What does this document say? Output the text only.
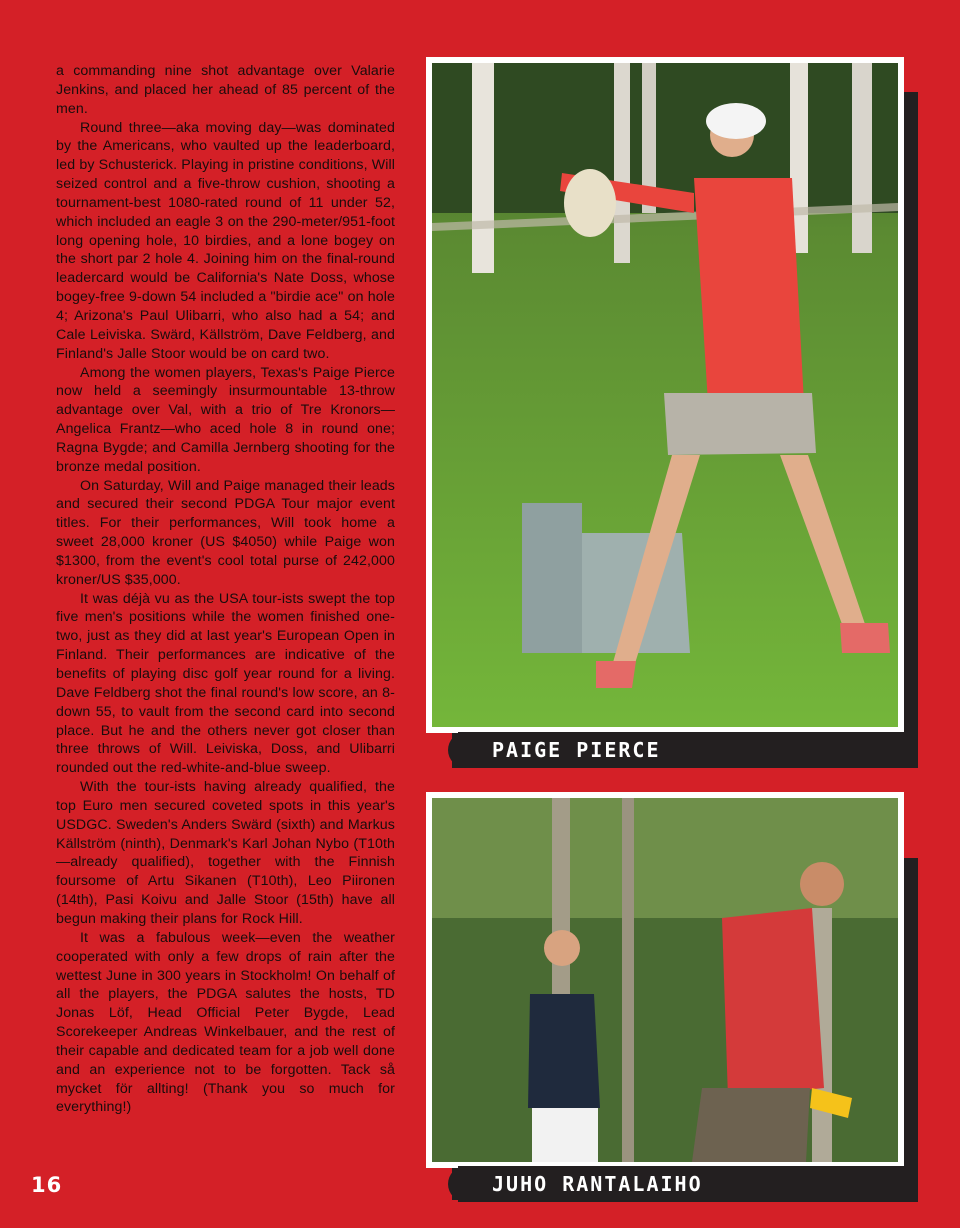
a commanding nine shot advantage over Valarie Jenkins, and placed her ahead of 85 percent of the men.

Round three—aka moving day—was dominated by the Americans, who vaulted up the leaderboard, led by Schusterick. Playing in pristine conditions, Will seized control and a five-throw cushion, shooting a tournament-best 1080-rated round of 11 under 52, which included an eagle 3 on the 290-meter/951-foot long opening hole, 10 birdies, and a lone bogey on the short par 2 hole 4. Joining him on the final-round leadercard would be California's Nate Doss, whose bogey-free 9-down 54 included a "birdie ace" on hole 4; Arizona's Paul Ulibarri, who also had a 54; and Cale Leiviska. Swärd, Källström, Dave Feldberg, and Finland's Jalle Stoor would be on card two.

Among the women players, Texas's Paige Pierce now held a seemingly insurmountable 13-throw advantage over Val, with a trio of Tre Kronors—Angelica Frantz—who aced hole 8 in round one; Ragna Bygde; and Camilla Jernberg shooting for the bronze medal position.

On Saturday, Will and Paige managed their leads and secured their second PDGA Tour major event titles. For their performances, Will took home a sweet 28,000 kroner (US $4050) while Paige won $1300, from the event's cool total purse of 242,000 kroner/US $35,000.

It was déjà vu as the USA tour-ists swept the top five men's positions while the women finished one-two, just as they did at last year's European Open in Finland. Their performances are indicative of the benefits of playing disc golf year round for a living. Dave Feldberg shot the final round's low score, an 8-down 55, to vault from the second card into second place. But he and the others never got closer than three throws of Will. Leiviska, Doss, and Ulibarri rounded out the red-white-and-blue sweep.

With the tour-ists having already qualified, the top Euro men secured coveted spots in this year's USDGC. Sweden's Anders Swärd (sixth) and Markus Källström (ninth), Denmark's Karl Johan Nybo (T10th—already qualified), together with the Finnish foursome of Artu Sikanen (T10th), Leo Piironen (14th), Pasi Koivu and Jalle Stoor (15th) have all begun making their plans for Rock Hill.

It was a fabulous week—even the weather cooperated with only a few drops of rain after the wettest June in 300 years in Stockholm! On behalf of all the players, the PDGA salutes the hosts, TD Jonas Löf, Head Official Peter Bygde, Lead Scorekeeper Andreas Winkelbauer, and the rest of their capable and dedicated team for a job well done and an experience not to be forgotten. Tack så mycket för allting! (Thank you so much for everything!)

16
PAIGE PIERCE
JUHO RANTALAIHO
